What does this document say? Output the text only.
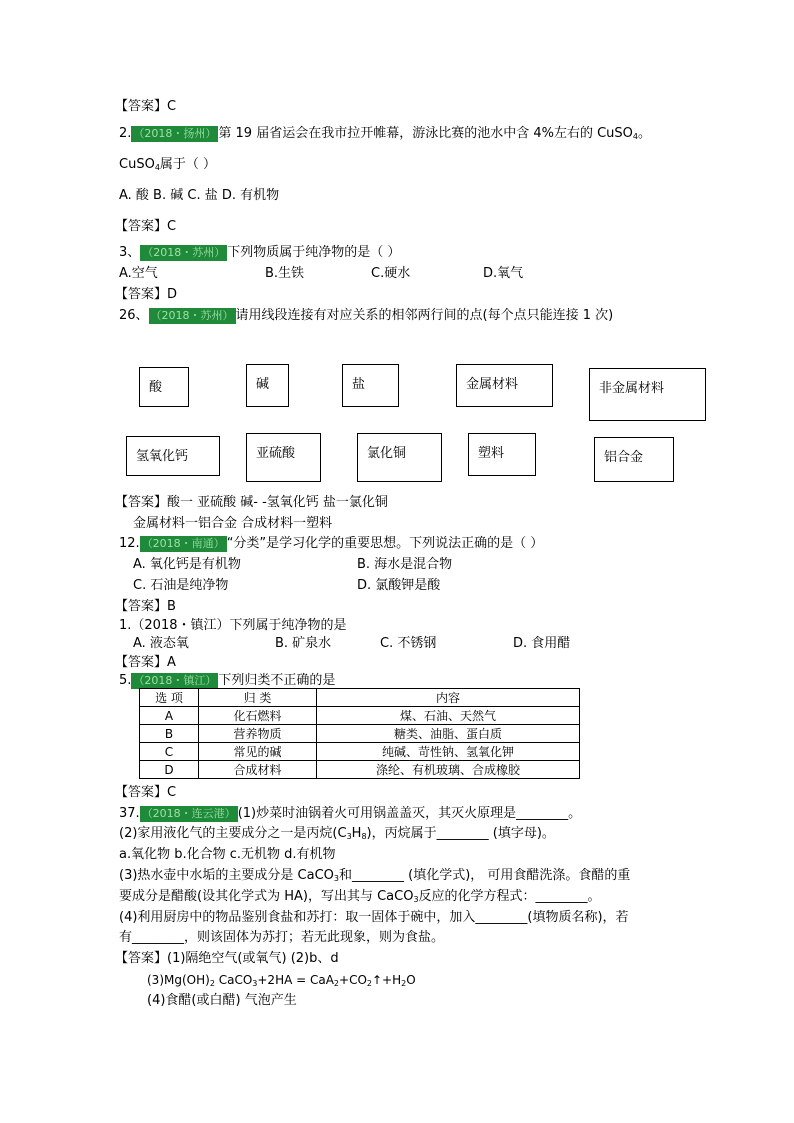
【答案】C
2. （2018・扬州） 第 19 届省运会在我市拉开帷幕，游泳比赛的池水中含 4%左右的 CuSO$_4$。
CuSO$_4$属于（ ）
A. 酸 B. 碱 C. 盐 D. 有机物
【答案】C
3、 （2018・苏州） 下列物质属于纯净物的是（ ）
A.空气	B.生铁	C.硬水	D.氧气
【答案】D
26、 （2018・苏州） 请用线段连接有对应关系的相邻两行间的点(每个点只能连接 1 次)
酸	碱	盐	金属材料	非金属材料
氢氧化钙	亚硫酸	氯化铜	塑料	铝合金
【答案】酸一 亚硫酸 碱- -氢氧化钙 盐一氯化铜
金属材料一铝合金 合成材料一塑料
12. （2018・南通） “分类”是学习化学的重要思想。下列说法正确的是（ ）
A. 氧化钙是有机物	B. 海水是混合物
C. 石油是纯净物	D. 氯酸钾是酸
【答案】B
1.（2018・镇江）下列属于纯净物的是
A. 液态氧	B. 矿泉水	C. 不锈钢	D. 食用醋
【答案】A
5. （2018・镇江） 下列归类不正确的是
选 项	归 类	内容
A	化石燃料	煤、石油、天然气
B	营养物质	糖类、油脂、蛋白质
C	常见的碱	纯碱、苛性钠、氢氧化钾
D	合成材料	涤纶、有机玻璃、合成橡胶
【答案】C
37. （2018・连云港） (1)炒菜时油锅着火可用锅盖盖灭，其灭火原理是________。
(2)家用液化气的主要成分之一是丙烷$(C_3H_8)$，丙烷属于________ (填字母)。
a.氧化物 b.化合物 c.无机物 d.有机物
(3)热水壶中水垢的主要成分是 CaCO$_3$和________ (填化学式)， 可用食醋洗涤。食醋的重
要成分是醋酸(设其化学式为 HA)，写出其与 CaCO$_3$反应的化学方程式：________。
(4)利用厨房中的物品鉴别食盐和苏打：取一固体于碗中，加入________(填物质名称)，若
有________，则该固体为苏打；若无此现象，则为食盐。
【答案】(1)隔绝空气(或氧气) (2)b、d
$(3)Mg(OH)_2$ CaCO$_3$+2HA = $CaA_2+CO_2↑+H_2O$
(4)食醋(或白醋) 气泡产生
